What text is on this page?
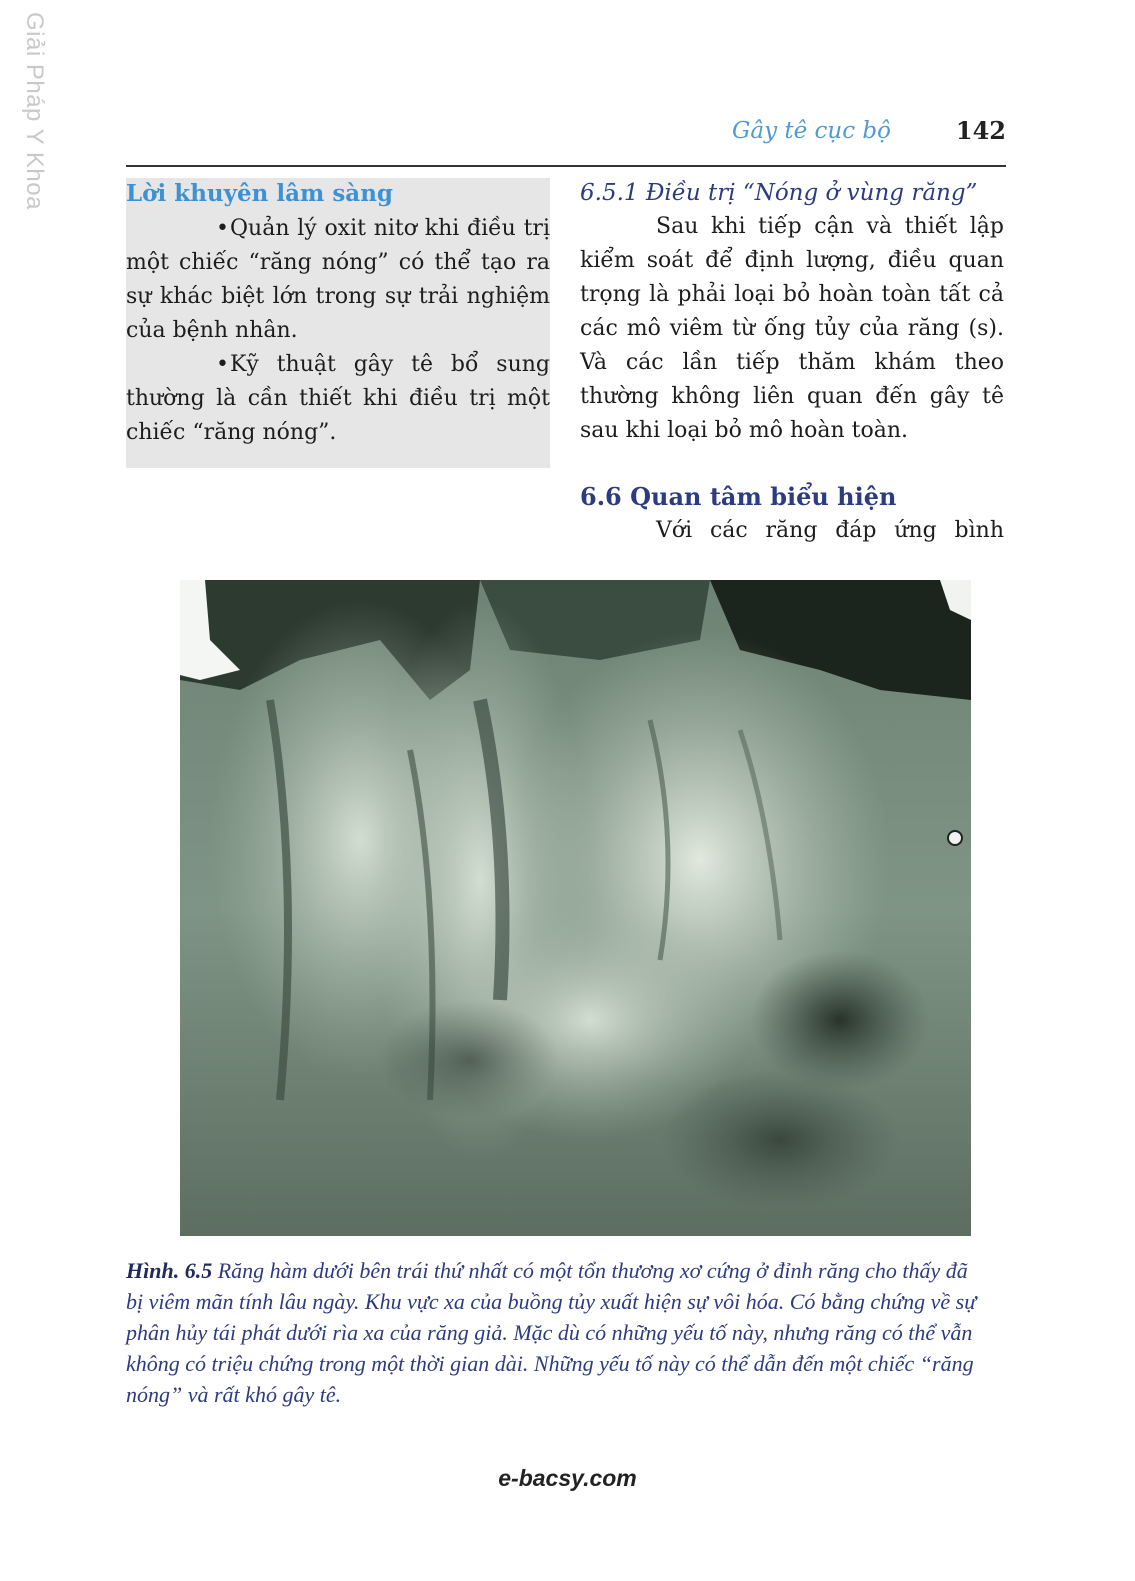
Giải Pháp Y Khoa	Gây tê cục bộ	142
Lời khuyên lâm sàng
• Quản lý oxit nitơ khi điều trị một chiếc “răng nóng” có thể tạo ra sự khác biệt lớn trong sự trải nghiệm của bệnh nhân.
• Kỹ thuật gây tê bổ sung thường là cần thiết khi điều trị một chiếc “răng nóng”.

6.5.1 Điều trị “Nóng ở vùng răng”

Sau khi tiếp cận và thiết lập kiểm soát để định lượng, điều quan trọng là phải loại bỏ hoàn toàn tất cả các mô viêm từ ống tủy của răng (s). Và các lần tiếp thăm khám theo thường không liên quan đến gây tê sau khi loại bỏ mô hoàn toàn.

6.6 Quan tâm biểu hiện

Với các răng đáp ứng bình

Hình. 6.5 Răng hàm dưới bên trái thứ nhất có một tổn thương xơ cứng ở đỉnh răng cho thấy đã bị viêm mãn tính lâu ngày. Khu vực xa của buồng tủy xuất hiện sự vôi hóa. Có bằng chứng về sự phân hủy tái phát dưới rìa xa của răng giả. Mặc dù có những yếu tố này, nhưng răng có thể vẫn không có triệu chứng trong một thời gian dài. Những yếu tố này có thể dẫn đến một chiếc “răng nóng” và rất khó gây tê.
e-bacsy.com
